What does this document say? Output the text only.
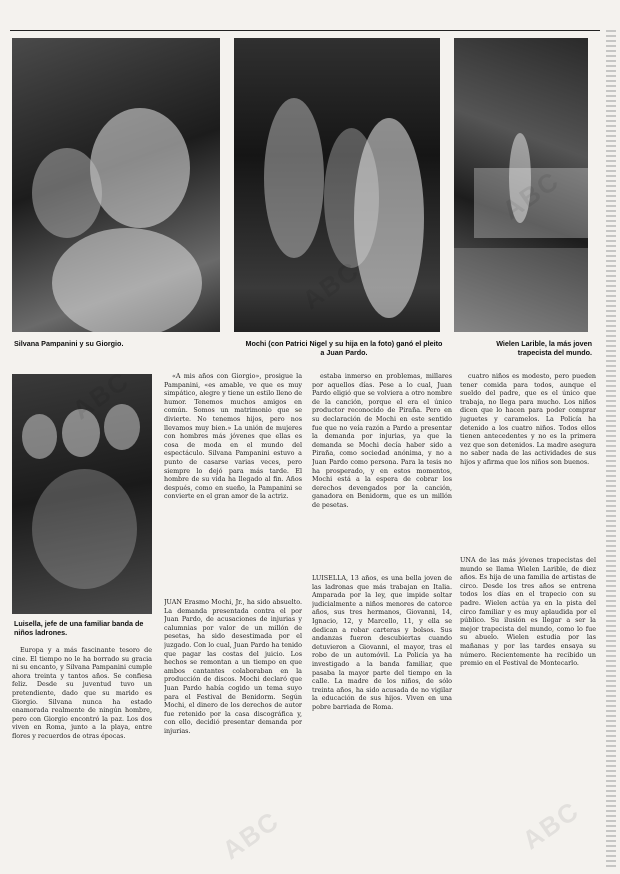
Silvana Pampanini y su Giorgio.	Mochi (con Patrici Nigel y su hija en la foto) ganó el pleito a Juan Pardo.
Wielen Larible, la más joven trapecista del mundo.
Luisella, jefe de una familiar banda de niños ladrones.

Europa y a más fascinante tesoro de cine. El tiempo no le ha borrado su gracia ni su encanto, y Silvana Pampanini cumple ahora treinta y tantos años. Se confiesa feliz. Desde su juventud tuvo un pretendiente, dado que su marido es Giorgio. Silvana nunca ha estado enamorada realmente de ningún hombre, pero con Giorgio encontró la paz. Los dos viven en Roma, junto a la playa, entre flores y recuerdos de otras épocas.

«A mis años con Giorgio», prosigue la Pampanini, «es amable, ve que es muy simpático, alegre y tiene un estilo lleno de humor. Tenemos muchos amigos en común. Somos un matrimonio que se divierte. No tenemos hijos, pero nos llevamos muy bien.» La unión de mujeres con hombres más jóvenes que ellas es cosa de moda en el mundo del espectáculo. Silvana Pampanini estuvo a punto de casarse varias veces, pero siempre lo dejó para más tarde. El hombre de su vida ha llegado al fin. Años después, como en sueño, la Pampanini se convierte en el gran amor de la actriz.

JUAN Erasmo Mochi, Jr., ha sido absuelto. La demanda presentada contra el por Juan Pardo, de acusaciones de injurias y calumnias por valor de un millón de pesetas, ha sido desestimada por el juzgado. Con lo cual, Juan Pardo ha tenido que pagar las costas del juicio. Los hechos se remontan a un tiempo en que ambos cantantes colaboraban en la producción de discos. Mochi declaró que Juan Pardo había cogido un tema suyo para el Festival de Benidorm. Según Mochi, el dinero de los derechos de autor fue retenido por la casa discográfica y, con ello, decidió presentar demanda por injurias.

estaba inmerso en problemas, millares por aquellos días. Pese a lo cual, Juan Pardo eligió que se volviera a otro nombre de la canción, porque el era el único productor reconocido de Piraña. Pero en su declaración de Mochi en este sentido fue que no veía razón a Pardo a presentar la demanda por injurias, ya que la demanda se Mochi decía haber sido a Piraña, como sociedad anónima, y no a Juan Pardo como persona. Para la tesis no ha prosperado, y en estos momentos, Mochi está a la espera de cobrar los derechos devengados por la canción, ganadora en Benidorm, que es un millón de pesetas.

LUISELLA, 13 años, es una bella joven de las ladronas que más trabajan en Italia. Amparada por la ley, que impide soltar judicialmente a niños menores de catorce años, sus tres hermanos, Giovanni, 14, Ignacio, 12, y Marcello, 11, y ella se dedican a robar carteras y bolsos. Sus andanzas fueron descubiertas cuando detuvieron a Giovanni, el mayor, tras el robo de un automóvil. La Policía ya ha investigado a la banda familiar, que pasaba la mayor parte del tiempo en la calle. La madre de los niños, de sólo treinta años, ha sido acusada de no vigilar la educación de sus hijos. Viven en una pobre barriada de Roma.

cuatro niños es modesto, pero pueden tener comida para todos, aunque el sueldo del padre, que es el único que trabaja, no llega para mucho. Los niños dicen que lo hacen para poder comprar juguetes y caramelos. La Policía ha detenido a los cuatro niños. Todos ellos tienen antecedentes y no es la primera vez que son detenidos. La madre asegura no saber nada de las actividades de sus hijos y afirma que los niños son buenos.

UNA de las más jóvenes trapecistas del mundo se llama Wielen Larible, de diez años. Es hija de una familia de artistas de circo. Desde los tres años se entrena todos los días en el trapecio con su padre. Wielen actúa ya en la pista del circo familiar y es muy aplaudida por el público. Su ilusión es llegar a ser la mejor trapecista del mundo, como lo fue su abuelo. Wielen estudia por las mañanas y por las tardes ensaya su número. Recientemente ha recibido un premio en el Festival de Montecarlo.

ABC	ABC
